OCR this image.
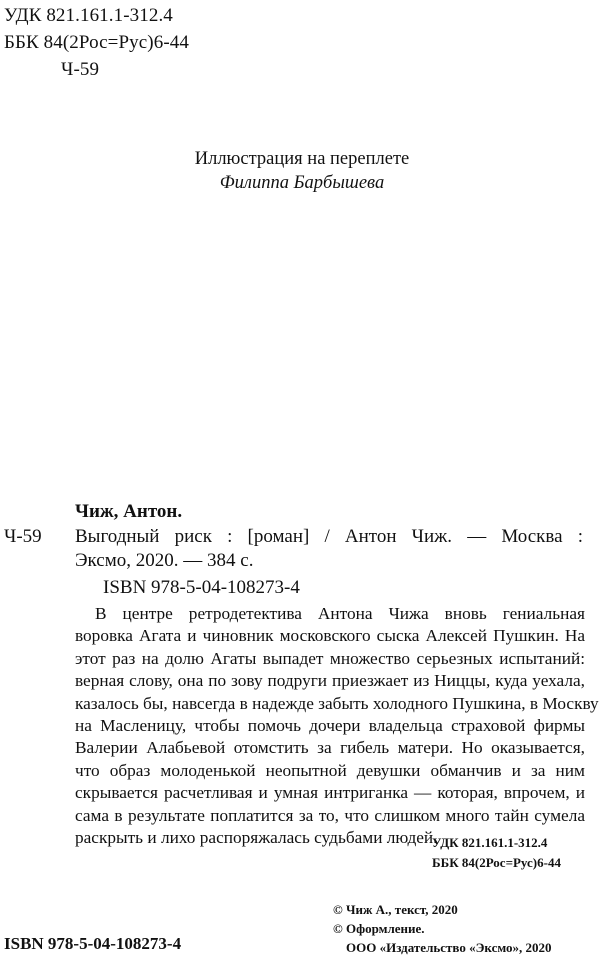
УДК 821.161.1-312.4
ББК 84(2Рос=Рус)6-44
Ч-59
Иллюстрация на переплете
Филиппа Барбышева
Чиж, Антон.
Ч-59 Выгодный риск : [роман] / Антон Чиж. — Москва :
Эксмо, 2020. — 384 с.
ISBN 978-5-04-108273-4
В центре ретродетектива Антона Чижа вновь гениальная
воровка Агата и чиновник московского сыска Алексей Пушкин. На
этот раз на долю Агаты выпадет множество серьезных испытаний:
верная слову, она по зову подруги приезжает из Ниццы, куда уехала,
казалось бы, навсегда в надежде забыть холодного Пушкина, в Москву
на Масленицу, чтобы помочь дочери владельца страховой фирмы
Валерии Алабьевой отомстить за гибель матери. Но оказывается,
что образ молоденькой неопытной девушки обманчив и за ним
скрывается расчетливая и умная интриганка — которая, впрочем, и
сама в результате поплатится за то, что слишком много тайн сумела
раскрыть и лихо распоряжалась судьбами людей.
УДК 821.161.1-312.4
ББК 84(2Рос=Рус)6-44
© Чиж А., текст, 2020
© Оформление.
ООО «Издательство «Эксмо», 2020
ISBN 978-5-04-108273-4
